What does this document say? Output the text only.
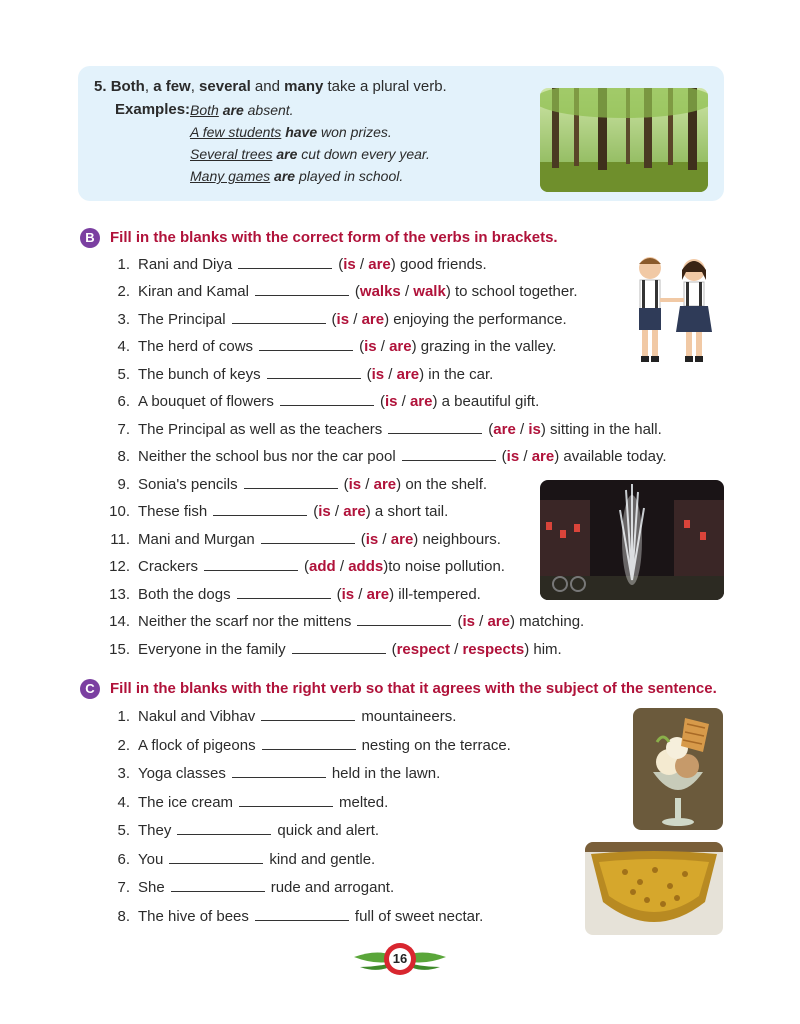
5. Both, a few, several and many take a plural verb.
Examples: Both are absent.
A few students have won prizes.
Several trees are cut down every year.
Many games are played in school.
B	Fill in the blanks with the correct form of the verbs in brackets.
1. Rani and Diya	(is / are) good friends.
2. Kiran and Kamal	(walks / walk) to school together.
3. The Principal	(is / are) enjoying the performance.
4. The herd of cows	(is / are) grazing in the valley.
5. The bunch of keys	(is / are) in the car.
6. A bouquet of flowers	(is / are) a beautiful gift.
7. The Principal as well as the teachers	(are / is) sitting in the hall.
8. Neither the school bus nor the car pool	(is / are) available today.
9. Sonia's pencils	(is / are) on the shelf.
10. These fish	(is / are) a short tail.
11. Mani and Murgan	(is / are) neighbours.
12. Crackers	(add / adds)to noise pollution.
13. Both the dogs	(is / are) ill-tempered.
14. Neither the scarf nor the mittens	(is / are) matching.
15. Everyone in the family	(respect / respects) him.
C	Fill in the blanks with the right verb so that it agrees with the subject of the sentence.
1. Nakul and Vibhav	mountaineers.
2. A flock of pigeons	nesting on the terrace.
3. Yoga classes	held in the lawn.
4. The ice cream	melted.
5. They	quick and alert.
6. You	kind and gentle.
7. She	rude and arrogant.
8. The hive of bees	full of sweet nectar.
16
